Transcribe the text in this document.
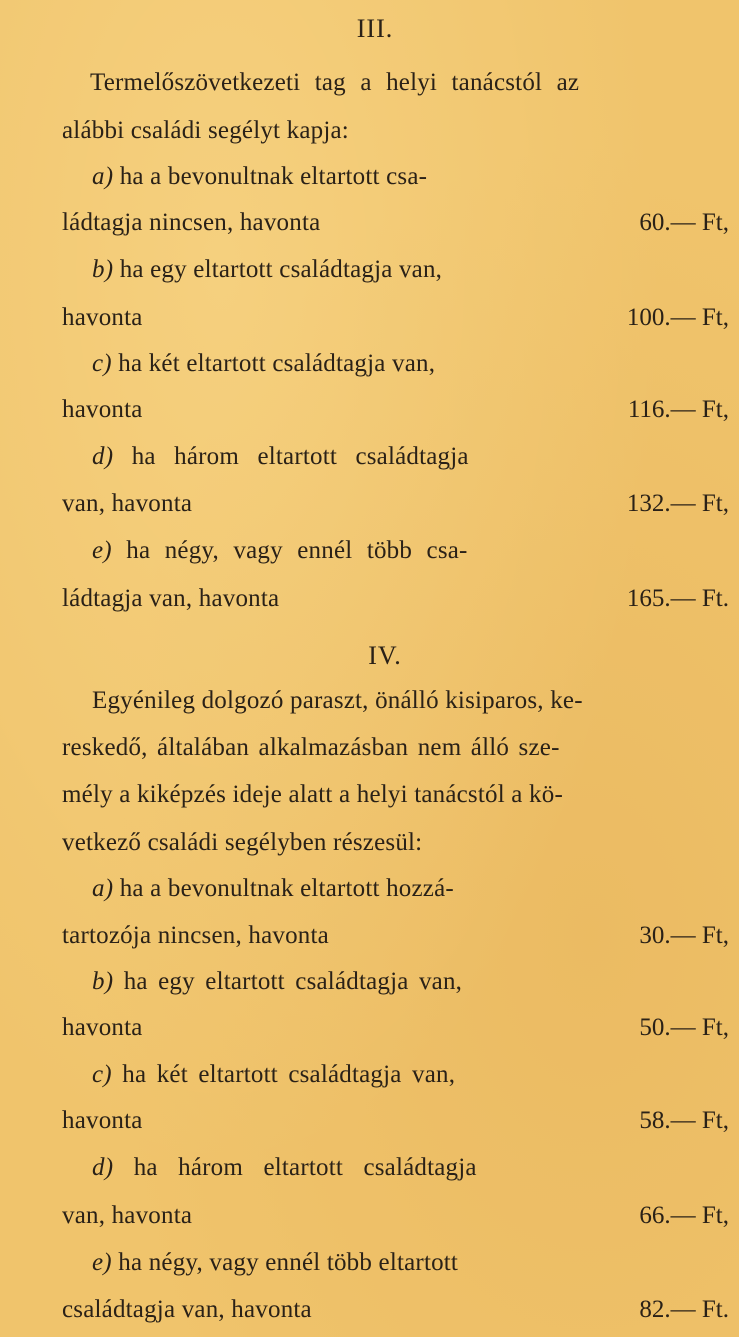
III.
Termelőszövetkezeti tag a helyi tanácstól az
alábbi családi segélyt kapja:
a) ha a bevonultnak eltartott csa-
ládtagja nincsen, havonta	60.— Ft,
b) ha egy eltartott családtagja van,
havonta	100.— Ft,
c) ha két eltartott családtagja van,
havonta	116.— Ft,
d) ha három eltartott családtagja
van, havonta	132.— Ft,
e) ha négy, vagy ennél több csa-
ládtagja van, havonta	165.— Ft.
IV.
Egyénileg dolgozó paraszt, önálló kisiparos, ke-
reskedő, általában alkalmazásban nem álló sze-
mély a kiképzés ideje alatt a helyi tanácstól a kö-
vetkező családi segélyben részesül:
a) ha a bevonultnak eltartott hozzá-
tartozója nincsen, havonta	30.— Ft,
b) ha egy eltartott családtagja van,
havonta	50.— Ft,
c) ha két eltartott családtagja van,
havonta	58.— Ft,
d) ha három eltartott családtagja
van, havonta	66.— Ft,
e) ha négy, vagy ennél több eltartott
családtagja van, havonta	82.— Ft.
